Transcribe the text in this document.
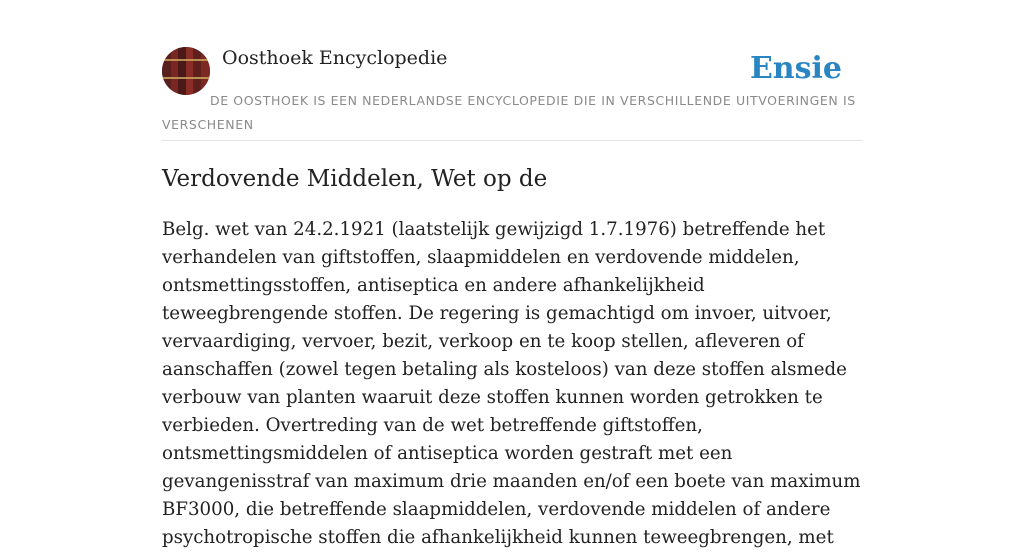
Oosthoek Encyclopedie	Ensie

DE OOSTHOEK IS EEN NEDERLANDSE ENCYCLOPEDIE DIE IN VERSCHILLENDE UITVOERINGEN IS VERSCHENEN

Verdovende Middelen, Wet op de

Belg. wet van 24.2.1921 (laatstelijk gewijzigd 1.7.1976) betreffende het verhandelen van giftstoffen, slaapmiddelen en verdovende middelen, ontsmettingsstoffen, antiseptica en andere afhankelijkheid teweegbrengende stoffen. De regering is gemachtigd om invoer, uitvoer, vervaardiging, vervoer, bezit, verkoop en te koop stellen, afleveren of aanschaffen (zowel tegen betaling als kosteloos) van deze stoffen alsmede verbouw van planten waaruit deze stoffen kunnen worden getrokken te verbieden. Overtreding van de wet betreffende giftstoffen, ontsmettingsmiddelen of antiseptica worden gestraft met een gevangenisstraf van maximum drie maanden en/of een boete van maximum BF3000, die betreffende slaapmiddelen, verdovende middelen of andere psychotropische stoffen die afhankelijkheid kunnen teweegbrengen, met
